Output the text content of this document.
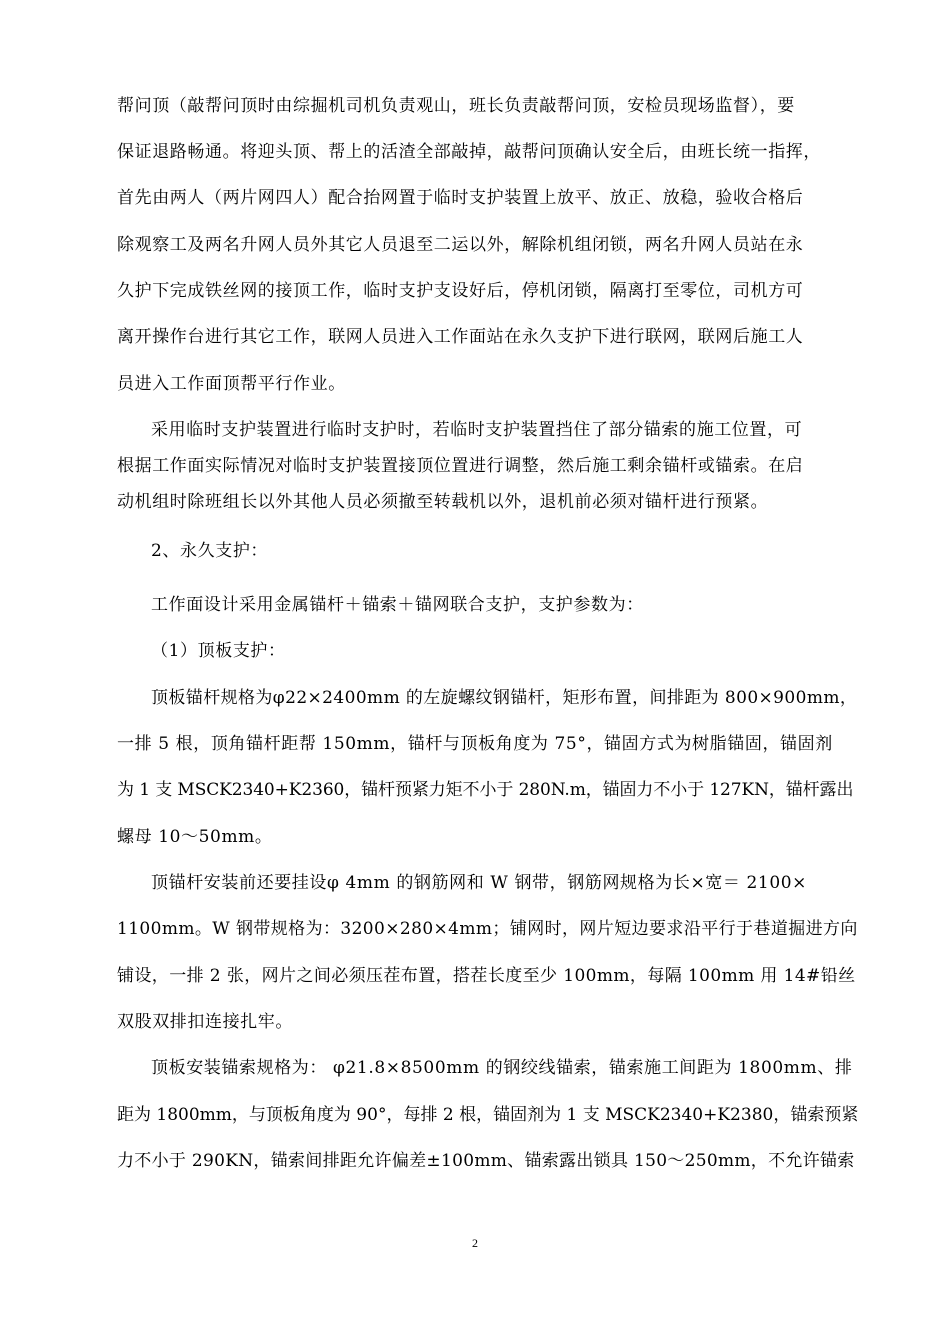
帮问顶（敲帮问顶时由综掘机司机负责观山，班长负责敲帮问顶，安检员现场监督），要
保证退路畅通。将迎头顶、帮上的活渣全部敲掉，敲帮问顶确认安全后，由班长统一指挥，
首先由两人（两片网四人）配合抬网置于临时支护装置上放平、放正、放稳，验收合格后
除观察工及两名升网人员外其它人员退至二运以外，解除机组闭锁，两名升网人员站在永
久护下完成铁丝网的接顶工作，临时支护支设好后，停机闭锁，隔离打至零位，司机方可
离开操作台进行其它工作，联网人员进入工作面站在永久支护下进行联网，联网后施工人
员进入工作面顶帮平行作业。
采用临时支护装置进行临时支护时，若临时支护装置挡住了部分锚索的施工位置，可
根据工作面实际情况对临时支护装置接顶位置进行调整，然后施工剩余锚杆或锚索。在启
动机组时除班组长以外其他人员必须撤至转载机以外，退机前必须对锚杆进行预紧。
2、永久支护：
工作面设计采用金属锚杆＋锚索＋锚网联合支护，支护参数为：
（1）顶板支护：
顶板锚杆规格为φ22×2400mm 的左旋螺纹钢锚杆，矩形布置，间排距为 800×900mm，
一排 5 根，顶角锚杆距帮 150mm，锚杆与顶板角度为 75°，锚固方式为树脂锚固，锚固剂
为 1 支 MSCK2340+K2360，锚杆预紧力矩不小于 280N.m，锚固力不小于 127KN，锚杆露出
螺母 10～50mm。
顶锚杆安装前还要挂设φ 4mm 的钢筋网和 W 钢带，钢筋网规格为长×宽＝ 2100×
1100mm。W 钢带规格为：3200×280×4mm；铺网时，网片短边要求沿平行于巷道掘进方向
铺设，一排 2 张，网片之间必须压茬布置，搭茬长度至少 100mm，每隔 100mm 用 14#铅丝
双股双排扣连接扎牢。
顶板安装锚索规格为： φ21.8×8500mm 的钢绞线锚索，锚索施工间距为 1800mm、排
距为 1800mm，与顶板角度为 90°，每排 2 根，锚固剂为 1 支 MSCK2340+K2380，锚索预紧
力不小于 290KN，锚索间排距允许偏差±100mm、锚索露出锁具 150～250mm，不允许锚索
2
